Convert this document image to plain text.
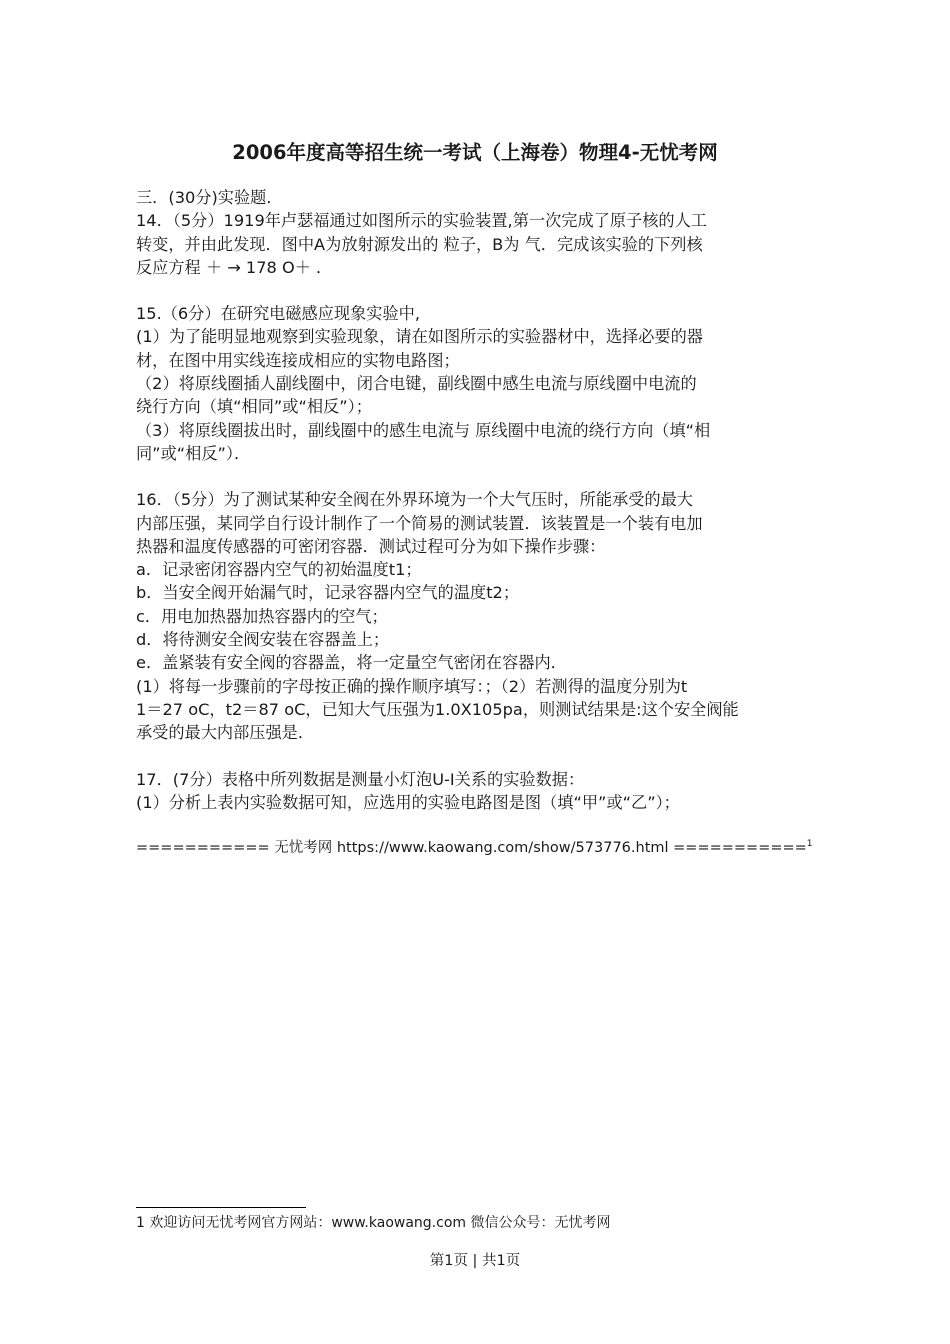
2006年度高等招生统一考试（上海卷）物理4-无忧考网

三．(30分)实验题．

14．（5分）1919年卢瑟福通过如图所示的实验装置,第一次完成了原子核的人工

转变，并由此发现．图中A为放射源发出的 粒子，B为 气．完成该实验的下列核

反应方程 ＋ → 178 O＋ ．

15.（6分）在研究电磁感应现象实验中,

(1）为了能明显地观察到实验现象，请在如图所示的实验器材中，选择必要的器

材，在图中用实线连接成相应的实物电路图；

（2）将原线圈插人副线圈中，闭合电键，副线圈中感生电流与原线圈中电流的

绕行方向（填“相同”或“相反”）；

（3）将原线圈拔出时，副线圈中的感生电流与 原线圈中电流的绕行方向（填“相

同”或“相反”）．

16．（5分）为了测试某种安全阀在外界环境为一个大气压时，所能承受的最大

内部压强，某同学自行设计制作了一个简易的测试装置．该装置是一个装有电加

热器和温度传感器的可密闭容器．测试过程可分为如下操作步骤：

a．记录密闭容器内空气的初始温度t1；

b．当安全阀开始漏气时，记录容器内空气的温度t2；

c．用电加热器加热容器内的空气；

d．将待测安全阀安装在容器盖上；

e．盖紧装有安全阀的容器盖，将一定量空气密闭在容器内．

(1）将每一步骤前的字母按正确的操作顺序填写：；（2）若测得的温度分别为t

1＝27 oC，t2＝87 oC，已知大气压强为1.0X105pa，则测试结果是:这个安全阀能

承受的最大内部压强是．

17．(7分）表格中所列数据是测量小灯泡U-I关系的实验数据：

(1）分析上表内实验数据可知，应选用的实验电路图是图（填“甲”或“乙”）；

=========== 无忧考网 https://www.kaowang.com/show/573776.html ===========$^1$

1 欢迎访问无忧考网官方网站：www.kaowang.com 微信公众号：无忧考网
第1页 | 共1页
